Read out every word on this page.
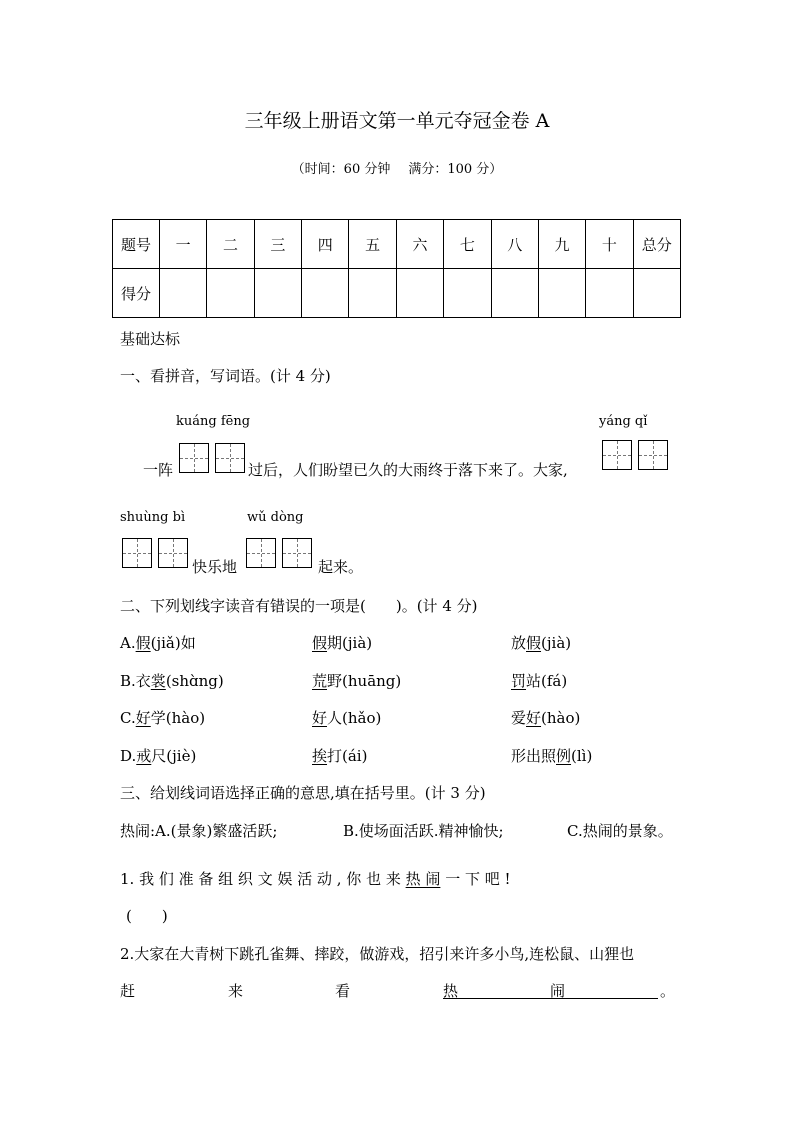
三年级上册语文第一单元夺冠金卷 A
（时间：60 分钟 满分：100 分）
题号	一	二	三	四	五	六	七	八	九	十	总分
得分											
基础达标
一、看拼音，写词语。(计 4 分)
kuáng fēng	yáng qǐ
一阵	过后，人们盼望已久的大雨终于落下来了。大家,
shuùng bì	wǔ dòng
快乐地	起来。
二、下列划线字读音有错误的一项是(　　)。(计 4 分)
A.假(jiǎ)如	假期(jià)	放假(jià)
B.衣裳(shɑ̀ng)	荒野(huāng)	罚站(fá)
C.好学(hào)	好人(hǎo)	爱好(hào)
D.戒尺(jiè)	挨打(ái)	形出照例(lì)
三、给划线词语选择正确的意思,填在括号里。(计 3 分)
热闹:A.(景象)繁盛活跃;	B.使场面活跃.精神愉快;	C.热闹的景象。
1. 我 们 准 备 组 织 文 娱 活 动 , 你 也 来 热 闹 一 下 吧 !
(　　)
2.大家在大青树下跳孔雀舞、摔跤，做游戏，招引来许多小鸟,连松鼠、山狸也
赶	来	看	热	闹	。
